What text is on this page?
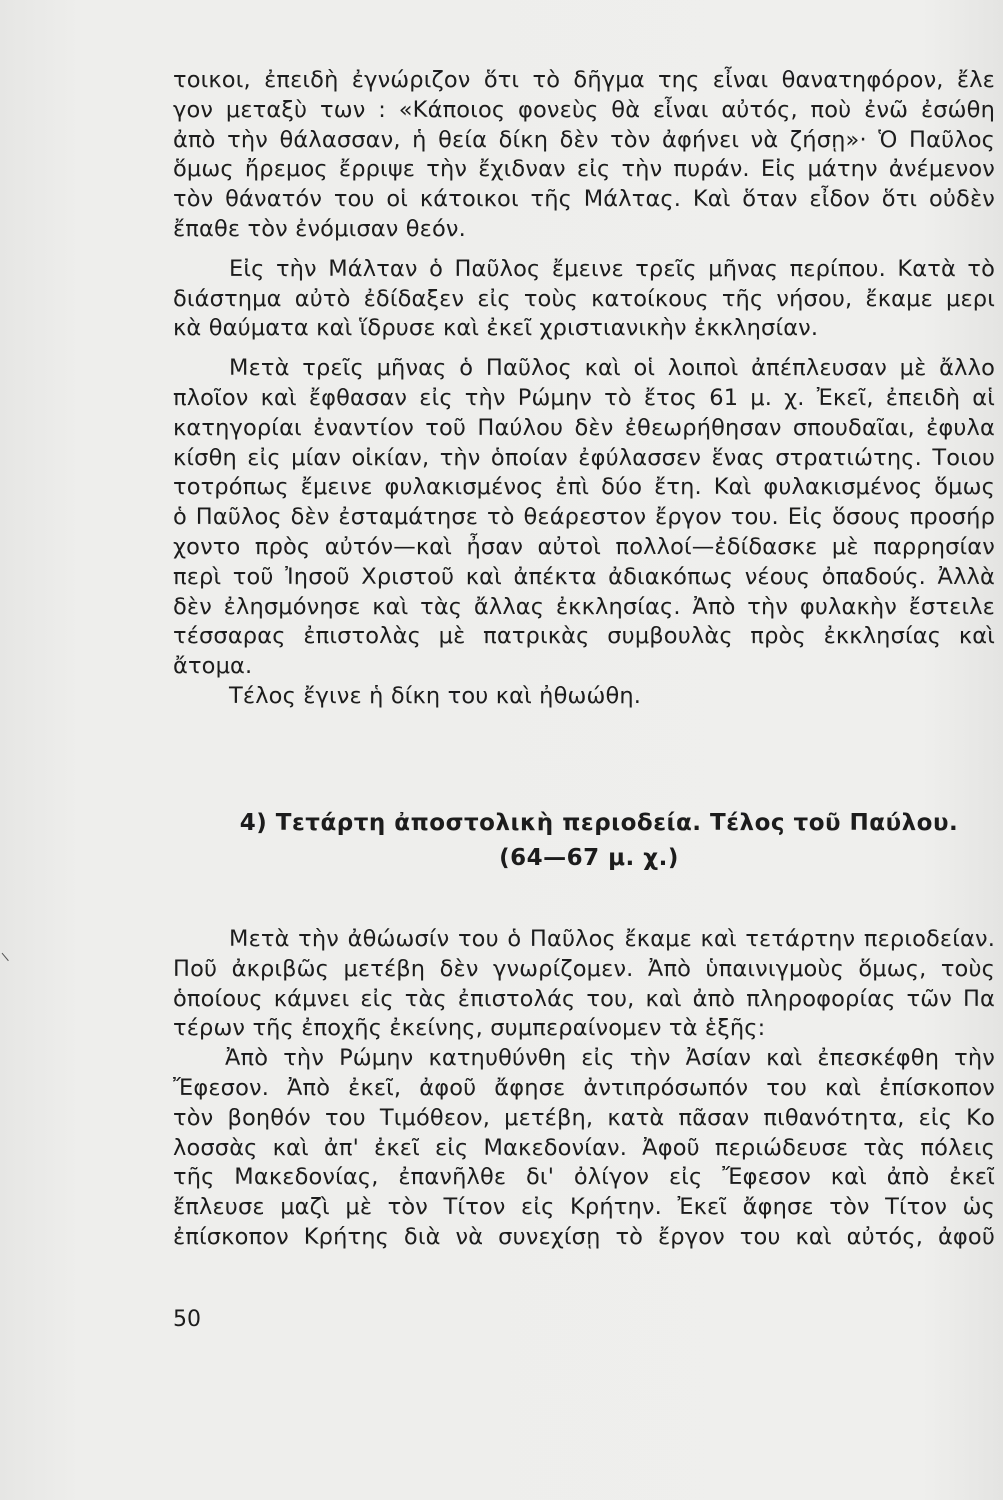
τοικοι, ἐπειδὴ ἐγνώριζον ὅτι τὸ δῆγμα της εἶναι θανατηφόρον, ἔλε
γον μεταξὺ των : «Κάποιος φονεὺς θὰ εἶναι αὐτός, ποὺ ἐνῶ ἐσώθη
ἀπὸ τὴν θάλασσαν, ἡ θεία δίκη δὲν τὸν ἀφήνει νὰ ζήσῃ»· Ὁ Παῦλος
ὅμως ἤρεμος ἔρριψε τὴν ἔχιδναν εἰς τὴν πυράν. Εἰς μάτην ἀνέμενον
τὸν θάνατόν του οἱ κάτοικοι τῆς Μάλτας. Καὶ ὅταν εἶδον ὅτι οὐδὲν
ἔπαθε τὸν ἐνόμισαν θεόν.
Εἰς τὴν Μάλταν ὁ Παῦλος ἔμεινε τρεῖς μῆνας περίπου. Κατὰ τὸ
διάστημα αὐτὸ ἐδίδαξεν εἰς τοὺς κατοίκους τῆς νήσου, ἔκαμε μερι
κὰ θαύματα καὶ ἵδρυσε καὶ ἐκεῖ χριστιανικὴν ἐκκλησίαν.
Μετὰ τρεῖς μῆνας ὁ Παῦλος καὶ οἱ λοιποὶ ἀπέπλευσαν μὲ ἄλλο
πλοῖον καὶ ἔφθασαν εἰς τὴν Ρώμην τὸ ἔτος 61 μ. χ. Ἐκεῖ, ἐπειδὴ αἱ
κατηγορίαι ἐναντίον τοῦ Παύλου δὲν ἐθεωρήθησαν σπουδαῖαι, ἐφυλα
κίσθη εἰς μίαν οἰκίαν, τὴν ὁποίαν ἐφύλασσεν ἕνας στρατιώτης. Τοιου
τοτρόπως ἔμεινε φυλακισμένος ἐπὶ δύο ἔτη. Καὶ φυλακισμένος ὅμως
ὁ Παῦλος δὲν ἐσταμάτησε τὸ θεάρεστον ἔργον του. Εἰς ὅσους προσήρ
χοντο πρὸς αὐτόν—καὶ ἦσαν αὐτοὶ πολλοί—ἐδίδασκε μὲ παρρησίαν
περὶ τοῦ Ἰησοῦ Χριστοῦ καὶ ἀπέκτα ἀδιακόπως νέους ὀπαδούς. Ἀλλὰ
δὲν ἐλησμόνησε καὶ τὰς ἄλλας ἐκκλησίας. Ἀπὸ τὴν φυλακὴν ἔστειλε
τέσσαρας ἐπιστολὰς μὲ πατρικὰς συμβουλὰς πρὸς ἐκκλησίας καὶ
ἄτομα.
Τέλος ἔγινε ἡ δίκη του καὶ ἠθωώθη.
4) Τετάρτη ἀποστολικὴ περιοδεία. Τέλος τοῦ Παύλου.
(64—67 μ. χ.)
Μετὰ τὴν ἀθώωσίν του ὁ Παῦλος ἔκαμε καὶ τετάρτην περιοδείαν.
Ποῦ ἀκριβῶς μετέβη δὲν γνωρίζομεν. Ἀπὸ ὑπαινιγμοὺς ὅμως, τοὺς
ὁποίους κάμνει εἰς τὰς ἐπιστολάς του, καὶ ἀπὸ πληροφορίας τῶν Πα
τέρων τῆς ἐποχῆς ἐκείνης, συμπεραίνομεν τὰ ἑξῆς:
Ἀπὸ τὴν Ρώμην κατηυθύνθη εἰς τὴν Ἀσίαν καὶ ἐπεσκέφθη τὴν
Ἔφεσον. Ἀπὸ ἐκεῖ, ἀφοῦ ἄφησε ἀντιπρόσωπόν του καὶ ἐπίσκοπον
τὸν βοηθόν του Τιμόθεον, μετέβη, κατὰ πᾶσαν πιθανότητα, εἰς Κο
λοσσὰς καὶ ἀπ' ἐκεῖ εἰς Μακεδονίαν. Ἀφοῦ περιώδευσε τὰς πόλεις
τῆς Μακεδονίας, ἐπανῆλθε δι' ὀλίγον εἰς Ἔφεσον καὶ ἀπὸ ἐκεῖ
ἔπλευσε μαζὶ μὲ τὸν Τίτον εἰς Κρήτην. Ἐκεῖ ἄφησε τὸν Τίτον ὡς
ἐπίσκοπον Κρήτης διὰ νὰ συνεχίσῃ τὸ ἔργον του καὶ αὐτός, ἀφοῦ
50
